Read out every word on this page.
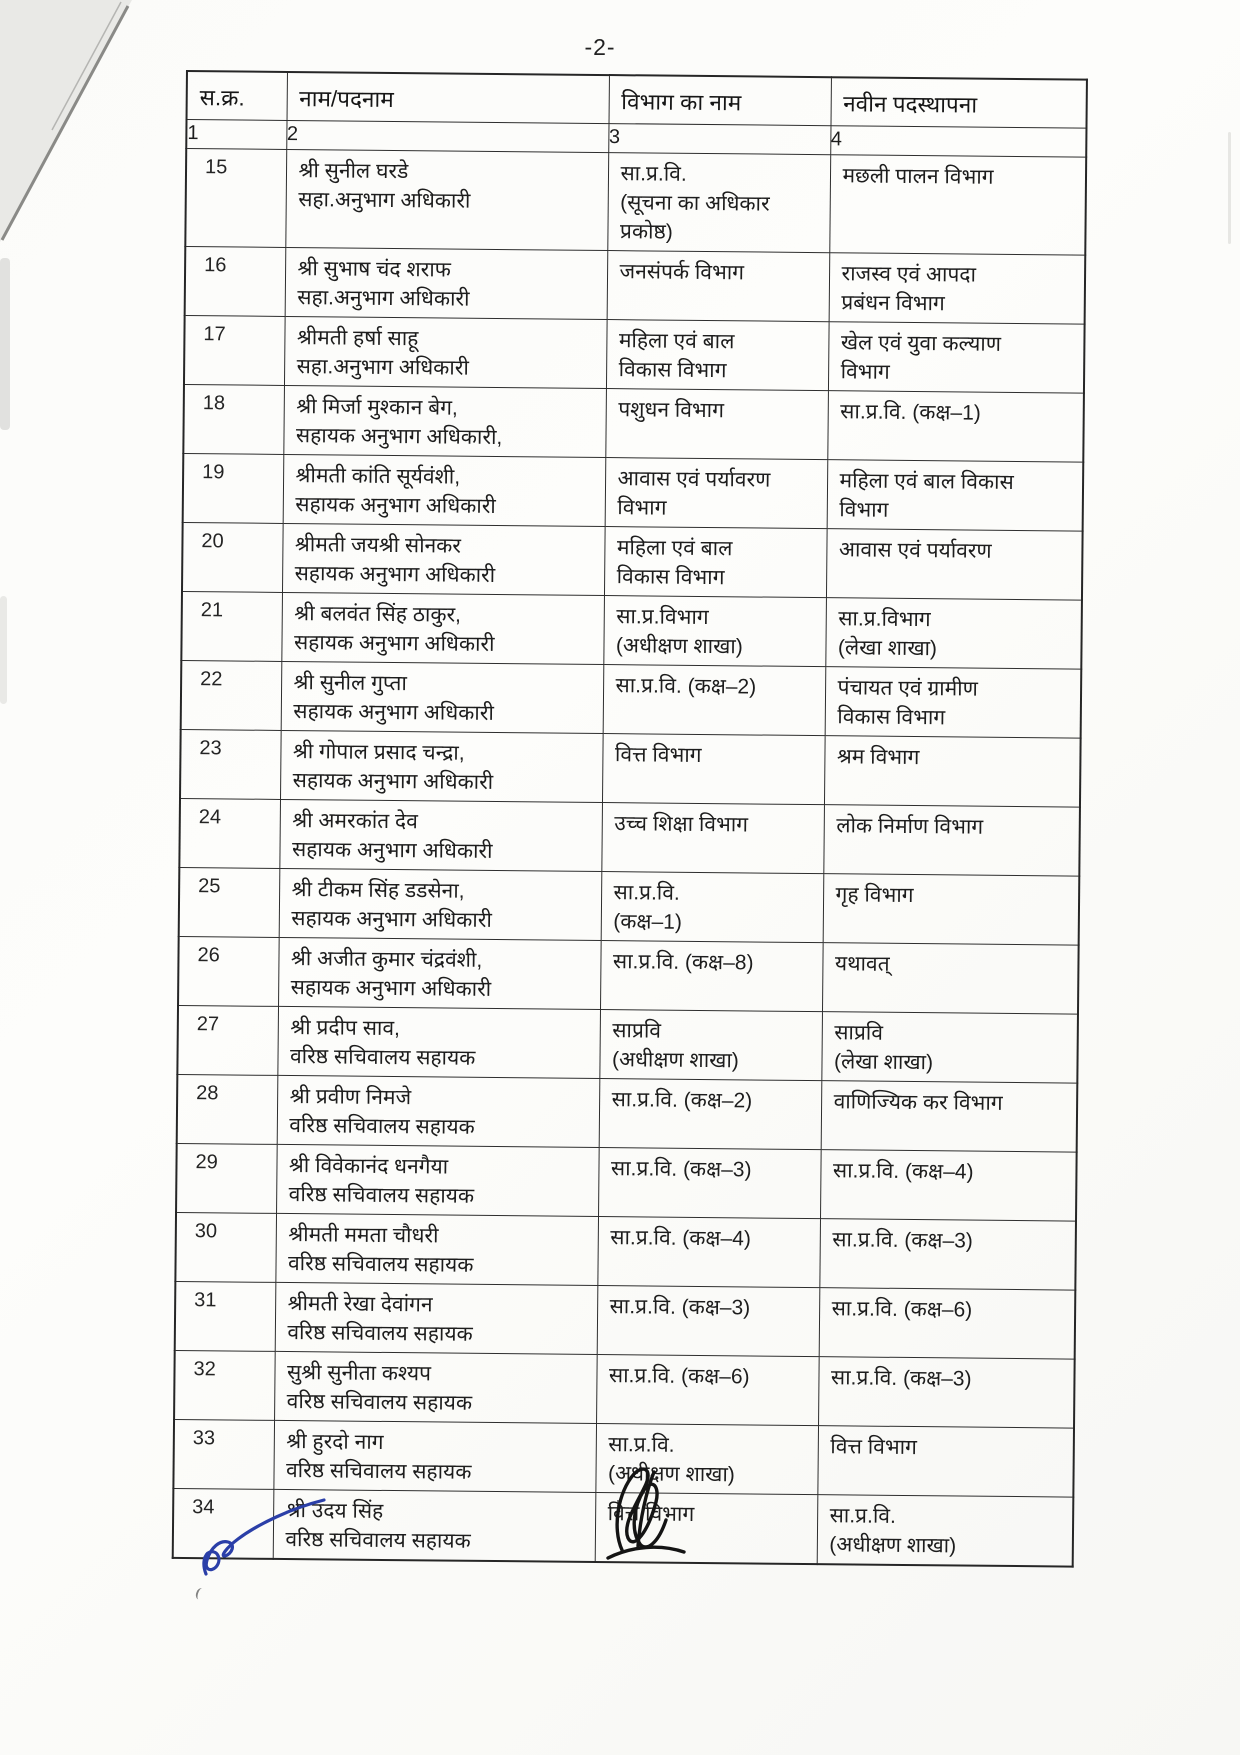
-2-
स.क्र.	नाम/पदनाम	विभाग का नाम	नवीन पदस्थापना
1	2	3	4
15	श्री सुनील घरडे
सहा.अनुभाग अधिकारी	सा.प्र.वि.
(सूचना का अधिकार
प्रकोष्ठ)	मछली पालन विभाग
16	श्री सुभाष चंद शराफ
सहा.अनुभाग अधिकारी	जनसंपर्क विभाग	राजस्व एवं आपदा
प्रबंधन विभाग
17	श्रीमती हर्षा साहू
सहा.अनुभाग अधिकारी	महिला एवं बाल
विकास विभाग	खेल एवं युवा कल्याण
विभाग
18	श्री मिर्जा मुश्कान बेग,
सहायक अनुभाग अधिकारी,	पशुधन विभाग	सा.प्र.वि. (कक्ष–1)
19	श्रीमती कांति सूर्यवंशी,
सहायक अनुभाग अधिकारी	आवास एवं पर्यावरण
विभाग	महिला एवं बाल विकास
विभाग
20	श्रीमती जयश्री सोनकर
सहायक अनुभाग अधिकारी	महिला एवं बाल
विकास विभाग	आवास एवं पर्यावरण
21	श्री बलवंत सिंह ठाकुर,
सहायक अनुभाग अधिकारी	सा.प्र.विभाग
(अधीक्षण शाखा)	सा.प्र.विभाग
(लेखा शाखा)
22	श्री सुनील गुप्ता
सहायक अनुभाग अधिकारी	सा.प्र.वि. (कक्ष–2)	पंचायत एवं ग्रामीण
विकास विभाग
23	श्री गोपाल प्रसाद चन्द्रा,
सहायक अनुभाग अधिकारी	वित्त विभाग	श्रम विभाग
24	श्री अमरकांत देव
सहायक अनुभाग अधिकारी	उच्च शिक्षा विभाग	लोक निर्माण विभाग
25	श्री टीकम सिंह डडसेना,
सहायक अनुभाग अधिकारी	सा.प्र.वि.
(कक्ष–1)	गृह विभाग
26	श्री अजीत कुमार चंद्रवंशी,
सहायक अनुभाग अधिकारी	सा.प्र.वि. (कक्ष–8)	यथावत्
27	श्री प्रदीप साव,
वरिष्ठ सचिवालय सहायक	साप्रवि
(अधीक्षण शाखा)	साप्रवि
(लेखा शाखा)
28	श्री प्रवीण निमजे
वरिष्ठ सचिवालय सहायक	सा.प्र.वि. (कक्ष–2)	वाणिज्यिक कर विभाग
29	श्री विवेकानंद धनगैया
वरिष्ठ सचिवालय सहायक	सा.प्र.वि. (कक्ष–3)	सा.प्र.वि. (कक्ष–4)
30	श्रीमती ममता चौधरी
वरिष्ठ सचिवालय सहायक	सा.प्र.वि. (कक्ष–4)	सा.प्र.वि. (कक्ष–3)
31	श्रीमती रेखा देवांगन
वरिष्ठ सचिवालय सहायक	सा.प्र.वि. (कक्ष–3)	सा.प्र.वि. (कक्ष–6)
32	सुश्री सुनीता कश्यप
वरिष्ठ सचिवालय सहायक	सा.प्र.वि. (कक्ष–6)	सा.प्र.वि. (कक्ष–3)
33	श्री हुरदो नाग
वरिष्ठ सचिवालय सहायक	सा.प्र.वि.
(अधीक्षण शाखा)	वित्त विभाग
34	श्री उदय सिंह
वरिष्ठ सचिवालय सहायक	वित्त विभाग	सा.प्र.वि.
(अधीक्षण शाखा)
